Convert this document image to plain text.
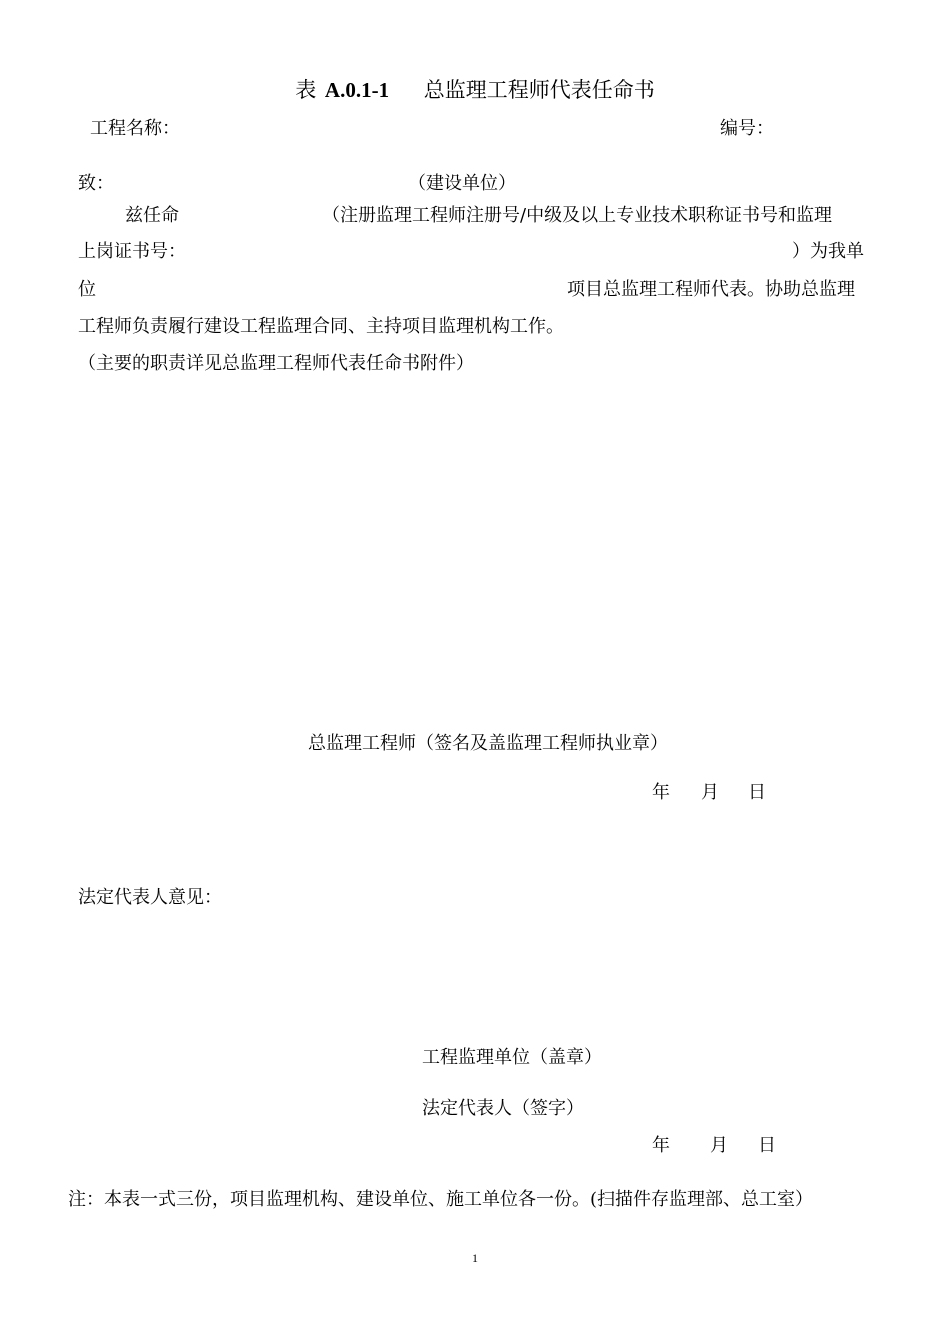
表 A.0.1-1 总监理工程师代表任命书
工程名称：	编号：
致：	（建设单位）
兹任命	（注册监理工程师注册号/中级及以上专业技术职称证书号和监理
上岗证书号：	）为我单
位	项目总监理工程师代表。协助总监理
工程师负责履行建设工程监理合同、主持项目监理机构工作。
（主要的职责详见总监理工程师代表任命书附件）
总监理工程师（签名及盖监理工程师执业章）
年 月 日
法定代表人意见：
工程监理单位（盖章）
法定代表人（签字）
年 月 日
注：本表一式三份，项目监理机构、建设单位、施工单位各一份。(扫描件存监理部、总工室）
1
